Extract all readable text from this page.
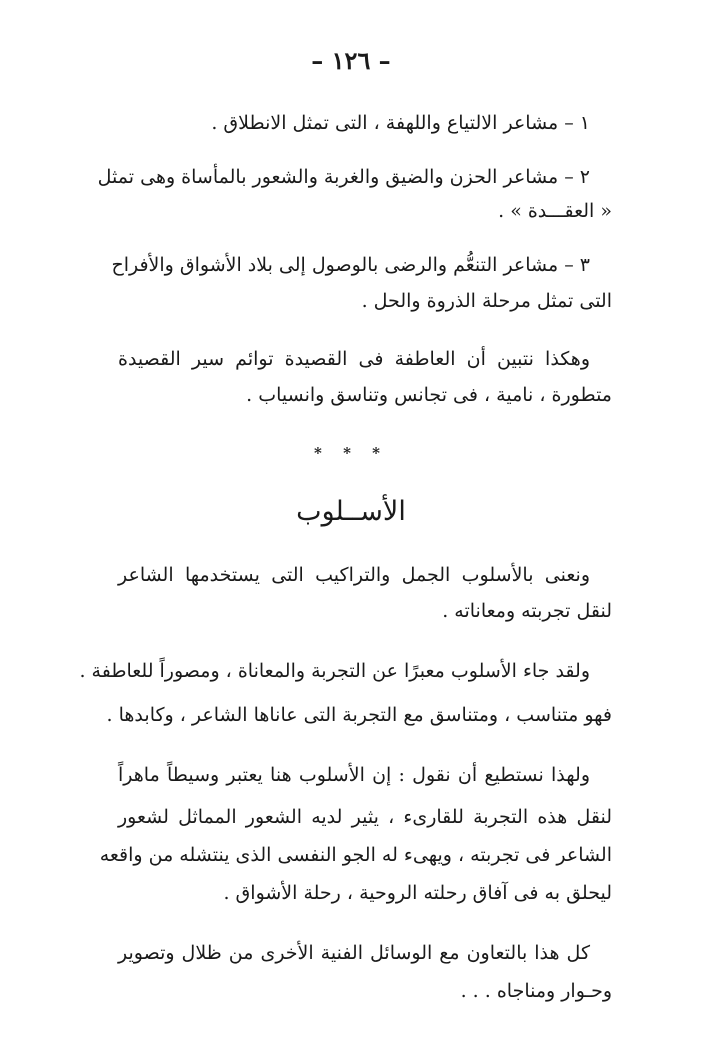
– ١٢٦ –
١ – مشاعر الالتياع واللهفة ، التى تمثل الانطلاق .
٢ – مشاعر الحزن والضيق والغربة والشعور بالمأساة وهى تمثل
« العقـــدة » .
٣ – مشاعر التنعُّم والرضى بالوصول إلى بلاد الأشواق والأفراح
التى تمثل مرحلة الذروة والحل .
وهكذا نتبين أن العاطفة فى القصيدة توائم سير القصيدة
متطورة ، نامية ، فى تجانس وتناسق وانسياب .
* * *
الأســلوب
ونعنى بالأسلوب الجمل والتراكيب التى يستخدمها الشاعر
لنقل تجربته ومعاناته .
ولقد جاء الأسلوب معبرًا عن التجربة والمعاناة ، ومصوراً للعاطفة .
فهو متناسب ، ومتناسق مع التجربة التى عاناها الشاعر ، وكابدها .
ولهذا نستطيع أن نقول : إن الأسلوب هنا يعتبر وسيطاً ماهراً
لنقل هذه التجربة للقارىء ، يثير لديه الشعور المماثل لشعور
الشاعر فى تجربته ، ويهىء له الجو النفسى الذى ينتشله من واقعه
ليحلق به فى آفاق رحلته الروحية ، رحلة الأشواق .
كل هذا بالتعاون مع الوسائل الفنية الأخرى من ظلال وتصوير
وحـوار ومناجاه . . .
